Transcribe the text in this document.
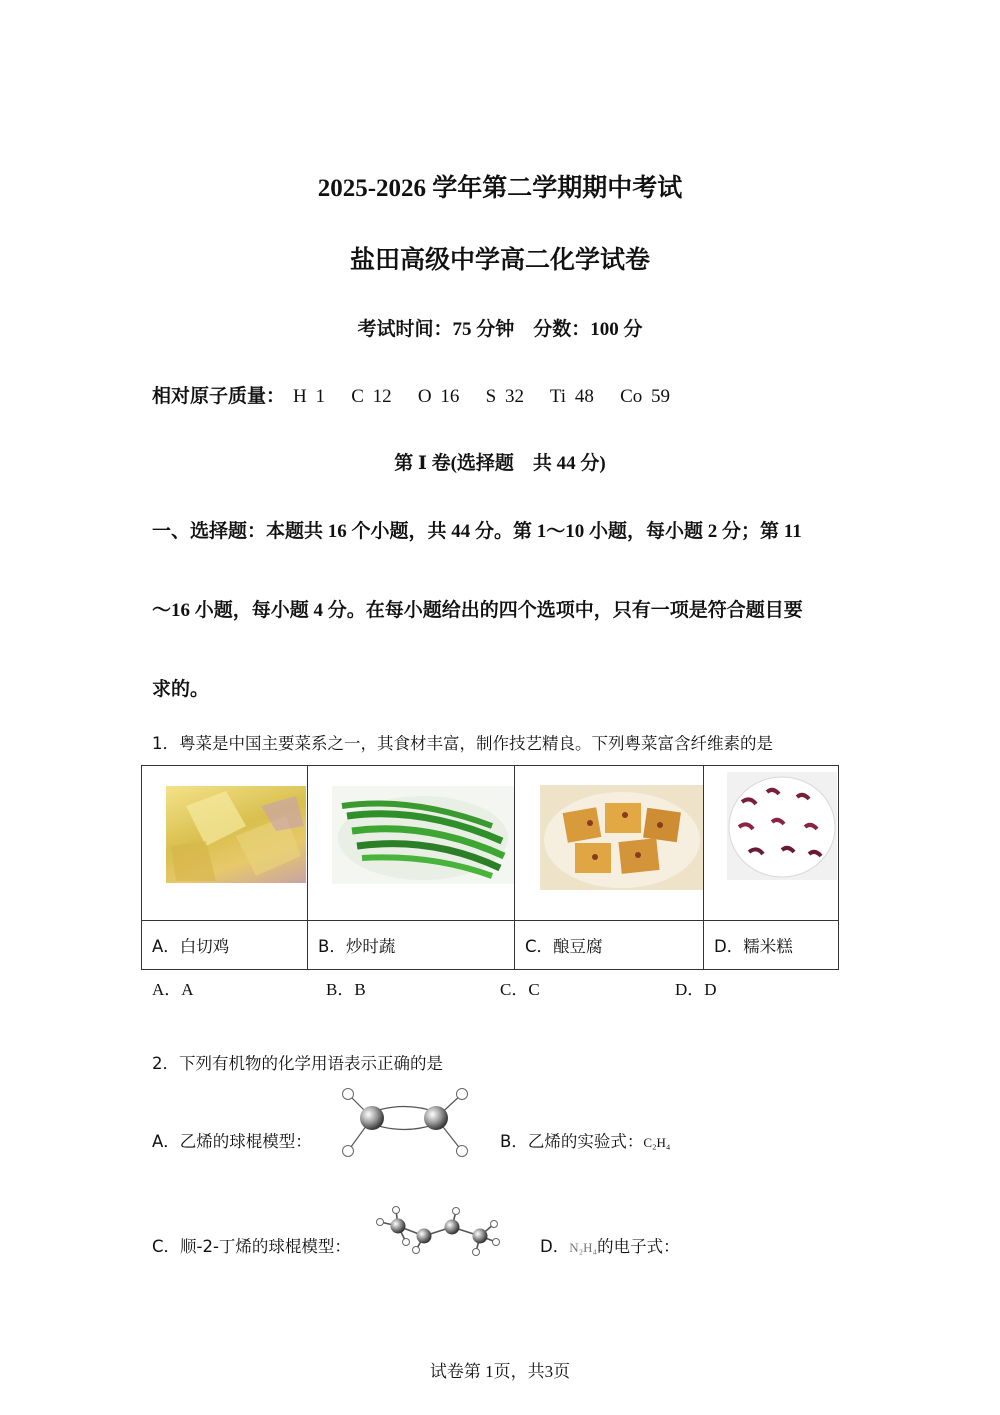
2025-2026 学年第二学期期中考试
盐田高级中学高二化学试卷
考试时间：75 分钟　分数：100 分
相对原子质量： H 1   C 12   O 16   S 32   Ti 48   Co 59
第 Ⅰ 卷(选择题　共 44 分)
一、选择题：本题共 16 个小题，共 44 分。第 1～10 小题，每小题 2 分；第 11
～16 小题，每小题 4 分。在每小题给出的四个选项中，只有一项是符合题目要
求的。
1．粤菜是中国主要菜系之一，其食材丰富，制作技艺精良。下列粤菜富含纤维素的是

A．白切鸡	B．炒时蔬	C．酿豆腐	D．糯米糕
A．A	B．B	C．C	D．D
2．下列有机物的化学用语表示正确的是
A．乙烯的球棍模型：	B．乙烯的实验式：C₂H₄
C．顺-2-丁烯的球棍模型：	D．N₂H₄的电子式：
试卷第 1页，共3页
